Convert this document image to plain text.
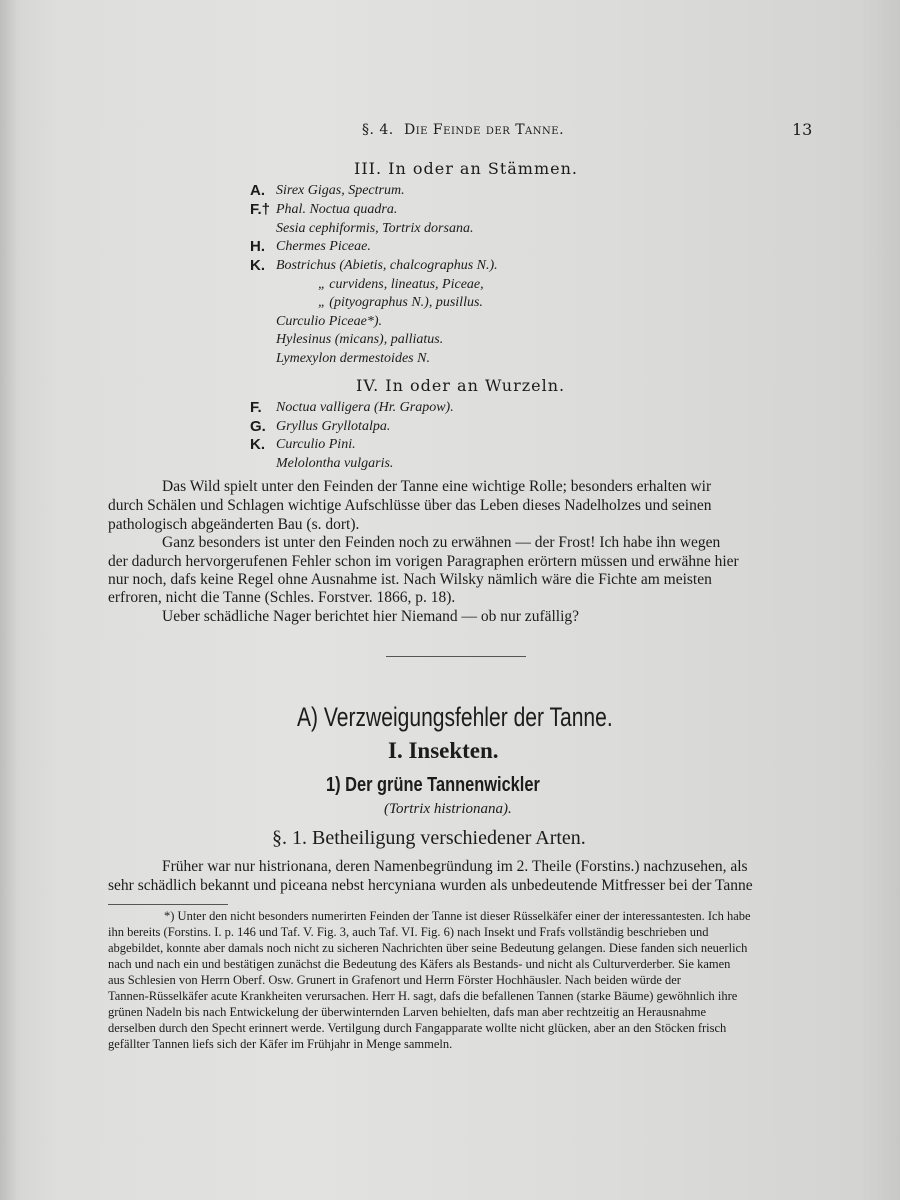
§. 4. Die Feinde der Tanne.	13
III. In oder an Stämmen.
A. Sirex Gigas, Spectrum.
F.† Phal. Noctua quadra.
Sesia cephiformis, Tortrix dorsana.
H. Chermes Piceae.
K. Bostrichus (Abietis, chalcographus N.).
„ curvidens, lineatus, Piceae,
„ (pityographus N.), pusillus.
Curculio Piceae*).
Hylesinus (micans), palliatus.
Lymexylon dermestoides N.
IV. In oder an Wurzeln.
F. Noctua valligera (Hr. Grapow).
G. Gryllus Gryllotalpa.
K. Curculio Pini.
Melolontha vulgaris.
Das Wild spielt unter den Feinden der Tanne eine wichtige Rolle; besonders erhalten wir
durch Schälen und Schlagen wichtige Aufschlüsse über das Leben dieses Nadelholzes und seinen
pathologisch abgeänderten Bau (s. dort).
Ganz besonders ist unter den Feinden noch zu erwähnen — der Frost! Ich habe ihn wegen
der dadurch hervorgerufenen Fehler schon im vorigen Paragraphen erörtern müssen und erwähne hier
nur noch, dafs keine Regel ohne Ausnahme ist. Nach Wilsky nämlich wäre die Fichte am meisten
erfroren, nicht die Tanne (Schles. Forstver. 1866, p. 18).
Ueber schädliche Nager berichtet hier Niemand — ob nur zufällig?
A) Verzweigungsfehler der Tanne.
I. Insekten.
1) Der grüne Tannenwickler
(Tortrix histrionana).
§. 1. Betheiligung verschiedener Arten.
Früher war nur histrionana, deren Namenbegründung im 2. Theile (Forstins.) nachzusehen, als
sehr schädlich bekannt und piceana nebst hercyniana wurden als unbedeutende Mitfresser bei der Tanne
*) Unter den nicht besonders numerirten Feinden der Tanne ist dieser Rüsselkäfer einer der interessantesten. Ich habe
ihn bereits (Forstins. I. p. 146 und Taf. V. Fig. 3, auch Taf. VI. Fig. 6) nach Insekt und Frafs vollständig beschrieben und
abgebildet, konnte aber damals noch nicht zu sicheren Nachrichten über seine Bedeutung gelangen. Diese fanden sich neuerlich
nach und nach ein und bestätigen zunächst die Bedeutung des Käfers als Bestands- und nicht als Culturverderber. Sie kamen
aus Schlesien von Herrn Oberf. Osw. Grunert in Grafenort und Herrn Förster Hochhäusler. Nach beiden würde der
Tannen-Rüsselkäfer acute Krankheiten verursachen. Herr H. sagt, dafs die befallenen Tannen (starke Bäume) gewöhnlich ihre
grünen Nadeln bis nach Entwickelung der überwinternden Larven behielten, dafs man aber rechtzeitig an Herausnahme
derselben durch den Specht erinnert werde. Vertilgung durch Fangapparate wollte nicht glücken, aber an den Stöcken frisch
gefällter Tannen liefs sich der Käfer im Frühjahr in Menge sammeln.
